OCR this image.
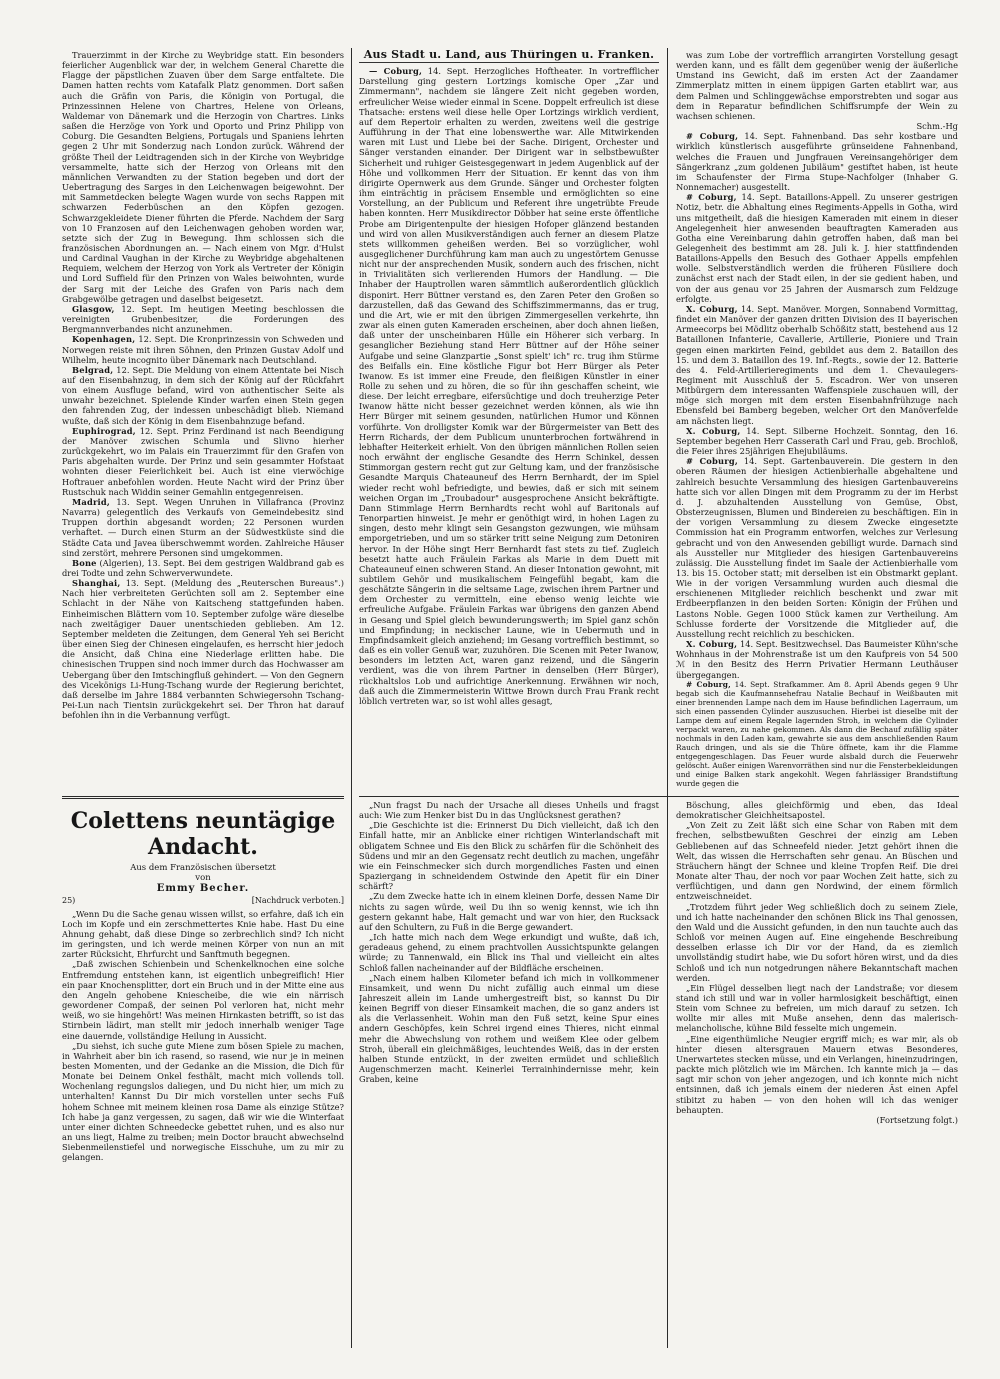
Trauerzimmt in der Kirche zu Weybridge statt. Ein besonders feierlicher Augenblick war der, in welchem General Charette die Flagge der päpstlichen Zuaven über dem Sarge entfaltete. Die Damen hatten rechts vom Katafalk Platz genommen. Dort saßen auch die Gräfin von Paris, die Königin von Portugal, die Prinzessinnen Helene von Chartres, Helene von Orleans, Waldemar von Dänemark und die Herzogin von Chartres. Links saßen die Herzöge von York und Oporto und Prinz Philipp von Coburg. Die Gesandten Belgiens, Portugals und Spaniens lehrten gegen 2 Uhr mit Sonderzug nach London zurück. Während der größte Theil der Leidtragenden sich in der Kirche von Weybridge versammelte, hatte sich der Herzog von Orleans mit den männlichen Verwandten zu der Station begeben und dort der Uebertragung des Sarges in den Leichenwagen beigewohnt. Der mit Sammetdecken belegte Wagen wurde von sechs Rappen mit schwarzen Federbüschen an den Köpfen gezogen. Schwarzgekleidete Diener führten die Pferde. Nachdem der Sarg von 10 Franzosen auf den Leichenwagen gehoben worden war, setzte sich der Zug in Bewegung. Ihm schlossen sich die französischen Abordnungen an. — Nach einem von Mgr. d'Hulst und Cardinal Vaughan in der Kirche zu Weybridge abgehaltenen Requiem, welchem der Herzog von York als Vertreter der Königin und Lord Suffield für den Prinzen von Wales beiwohnten, wurde der Sarg mit der Leiche des Grafen von Paris nach dem Grabgewölbe getragen und daselbst beigesetzt.

Glasgow, 12. Sept. Im heutigen Meeting beschlossen die vereinigten Grubenbesitzer, die Forderungen des Bergmannverbandes nicht anzunehmen.

Kopenhagen, 12. Sept. Die Kronprinzessin von Schweden und Norwegen reiste mit ihren Söhnen, den Prinzen Gustav Adolf und Wilhelm, heute incognito über Dänemark nach Deutschland.

Belgrad, 12. Sept. Die Meldung von einem Attentate bei Nisch auf den Eisenbahnzug, in dem sich der König auf der Rückfahrt von einem Ausfluge befand, wird von authentischer Seite als unwahr bezeichnet. Spielende Kinder warfen einen Stein gegen den fahrenden Zug, der indessen unbeschädigt blieb. Niemand wußte, daß sich der König in dem Eisenbahnzuge befand.

Euphirograd, 12. Sept. Prinz Ferdinand ist nach Beendigung der Manöver zwischen Schumla und Slivno hierher zurückgekehrt, wo im Palais ein Trauerzimmt für den Grafen von Paris abgehalten wurde. Der Prinz und sein gesammter Hofstaat wohnten dieser Feierlichkeit bei. Auch ist eine vierwöchige Hoftrauer anbefohlen worden. Heute Nacht wird der Prinz über Rustschuk nach Widdin seiner Gemahlin entgegenreisen.

Madrid, 13. Sept. Wegen Unruhen in Villafranca (Provinz Navarra) gelegentlich des Verkaufs von Gemeindebesitz sind Truppen dorthin abgesandt worden; 22 Personen wurden verhaftet. — Durch einen Sturm an der Südwestküste sind die Städte Cata und Javea überschwemmt worden. Zahlreiche Häuser sind zerstört, mehrere Personen sind umgekommen.

Bone (Algerien), 13. Sept. Bei dem gestrigen Waldbrand gab es drei Todte und zehn Schwerverwundete.

Shanghai, 13. Sept. (Meldung des „Reuterschen Bureaus".) Nach hier verbreiteten Gerüchten soll am 2. September eine Schlacht in der Nähe von Kaitscheng stattgefunden haben. Einheimischen Blättern vom 10. September zufolge wäre dieselbe nach zweitägiger Dauer unentschieden geblieben. Am 12. September meldeten die Zeitungen, dem General Yeh sei Bericht über einen Sieg der Chinesen eingelaufen, es herrscht hier jedoch die Ansicht, daß China eine Niederlage erlitten habe. Die chinesischen Truppen sind noch immer durch das Hochwasser am Uebergang über den Imtschingfluß gehindert. — Von den Gegnern des Vicekönigs Li-Hung-Tschang wurde der Regierung berichtet, daß derselbe im Jahre 1884 verbannten Schwiegersohn Tschang-Pei-Lun nach Tientsin zurückgekehrt sei. Der Thron hat darauf befohlen ihn in die Verbannung verfügt.

Aus Stadt u. Land, aus Thüringen u. Franken.

— Coburg, 14. Sept. Herzogliches Hoftheater. In vortrefflicher Darstellung ging gestern Lortzings komische Oper „Zar und Zimmermann", nachdem sie längere Zeit nicht gegeben worden, erfreulicher Weise wieder einmal in Scene. Doppelt erfreulich ist diese Thatsache: erstens weil diese helle Oper Lortzings wirklich verdient, auf dem Repertoir erhalten zu werden, zweitens weil die gestrige Aufführung in der That eine lobenswerthe war. Alle Mitwirkenden waren mit Lust und Liebe bei der Sache. Dirigent, Orchester und Sänger verstanden einander. Der Dirigent war in selbstbewußter Sicherheit und ruhiger Geistesgegenwart in jedem Augenblick auf der Höhe und vollkommen Herr der Situation. Er kennt das von ihm dirigirte Opernwerk aus dem Grunde. Sänger und Orchester folgten ihm einträchtig in präcisem Ensemble und ermöglichten so eine Vorstellung, an der Publicum und Referent ihre ungetrübte Freude haben konnten. Herr Musikdirector Döbber hat seine erste öffentliche Probe am Dirigentenpulte der hiesigen Hofoper glänzend bestanden und wird von allen Musikverständigen auch ferner an diesem Platze stets willkommen geheißen werden. Bei so vorzüglicher, wohl ausgeglichener Durchführung kam man auch zu ungestörtem Genusse nicht nur der ansprechenden Musik, sondern auch des frischen, nicht in Trivialitäten sich verlierenden Humors der Handlung. — Die Inhaber der Hauptrollen waren sämmtlich außerordentlich glücklich disponirt. Herr Büttner verstand es, den Zaren Peter den Großen so darzustellen, daß das Gewand des Schiffszimmermanns, das er trug, und die Art, wie er mit den übrigen Zimmergesellen verkehrte, ihn zwar als einen guten Kameraden erscheinen, aber doch ahnen ließen, daß unter der unscheinbaren Hülle ein Höherer sich verbarg. In gesanglicher Beziehung stand Herr Büttner auf der Höhe seiner Aufgabe und seine Glanzpartie „Sonst spielt' ich" rc. trug ihm Stürme des Beifalls ein. Eine köstliche Figur bot Herr Bürger als Peter Iwanow. Es ist immer eine Freude, den fleißigen Künstler in einer Rolle zu sehen und zu hören, die so für ihn geschaffen scheint, wie diese. Der leicht erregbare, eifersüchtige und doch treuherzige Peter Iwanow hätte nicht besser gezeichnet werden können, als wie ihn Herr Bürger mit seinem gesunden, natürlichen Humor und Können vorführte. Von drolligster Komik war der Bürgermeister van Bett des Herrn Richards, der dem Publicum ununterbrochen fortwährend in lebhafter Heiterkeit erhielt. Von den übrigen männlichen Rollen seien noch erwähnt der englische Gesandte des Herrn Schinkel, dessen Stimmorgan gestern recht gut zur Geltung kam, und der französische Gesandte Marquis Chateauneuf des Herrn Bernhardt, der im Spiel wieder recht wohl befriedigte, und bewies, daß er sich mit seinem weichen Organ im „Troubadour" ausgesprochene Ansicht bekräftigte. Dann Stimmlage Herrn Bernhardts recht wohl auf Baritonals auf Tenorpartien hinweist. Je mehr er genöthigt wird, in hohen Lagen zu singen, desto mehr klingt sein Gesangston gezwungen, wie mühsam emporgetrieben, und um so stärker tritt seine Neigung zum Detoniren hervor. In der Höhe singt Herr Bernhardt fast stets zu tief. Zugleich besetzt hatte auch Fräulein Farkas als Marie in dem Duett mit Chateauneuf einen schweren Stand. An dieser Intonation gewohnt, mit subtilem Gehör und musikalischem Feingefühl begabt, kam die geschätzte Sängerin in die seltsame Lage, zwischen ihrem Partner und dem Orchester zu vermitteln, eine ebenso wenig leichte wie erfreuliche Aufgabe. Fräulein Farkas war übrigens den ganzen Abend in Gesang und Spiel gleich bewunderungswerth; im Spiel ganz schön und Empfindung; in neckischer Laune, wie in Uebermuth und in Empfindsamkeit gleich anziehend; im Gesang vortrefflich bestimmt, so daß es ein voller Genuß war, zuzuhören. Die Scenen mit Peter Iwanow, besonders im letzten Act, waren ganz reizend, und die Sängerin verdient, was die von ihrem Partner in denselben (Herr Bürger), rückhaltslos Lob und aufrichtige Anerkennung. Erwähnen wir noch, daß auch die Zimmermeisterin Wittwe Brown durch Frau Frank recht löblich vertreten war, so ist wohl alles gesagt,

was zum Lobe der vortrefflich arrangirten Vorstellung gesagt werden kann, und es fällt dem gegenüber wenig der äußerliche Umstand ins Gewicht, daß im ersten Act der Zaandamer Zimmerplatz mitten in einem üppigen Garten etablirt war, aus dem Palmen und Schlinggewächse emporstrebten und sogar aus dem in Reparatur befindlichen Schiffsrumpfe der Wein zu wachsen schienen.

Schm.-Hg

# Coburg, 14. Sept. Fahnenband. Das sehr kostbare und wirklich künstlerisch ausgeführte grünseidene Fahnenband, welches die Frauen und Jungfrauen Vereinsangehöriger dem Sängerkranz „zum goldenen Jubiläum" gestiftet haben, ist heute im Schaufenster der Firma Stupe-Nachfolger (Inhaber G. Nonnemacher) ausgestellt.

# Coburg, 14. Sept. Bataillons-Appell. Zu unserer gestrigen Notiz, betr. die Abhaltung eines Regiments-Appells in Gotha, wird uns mitgetheilt, daß die hiesigen Kameraden mit einem in dieser Angelegenheit hier anwesenden beauftragten Kameraden aus Gotha eine Vereinbarung dahin getroffen haben, daß man bei Gelegenheit des bestimmt am 28. Juli k. J. hier stattfindenden Bataillons-Appells den Besuch des Gothaer Appells empfehlen wolle. Selbstverständlich werden die früheren Füsiliere doch zunächst erst nach der Stadt eilen, in der sie gedient haben, und von der aus genau vor 25 Jahren der Ausmarsch zum Feldzuge erfolgte.

X. Coburg, 14. Sept. Manöver. Morgen, Sonnabend Vormittag, findet ein Manöver der ganzen dritten Division des II bayerischen Armeecorps bei Mödlitz oberhalb Schößitz statt, bestehend aus 12 Bataillonen Infanterie, Cavallerie, Artillerie, Pioniere und Train gegen einen markirten Feind, gebildet aus dem 2. Bataillon des 15. und dem 3. Bataillon des 19. Inf.-Regts., sowie der 12. Batterie des 4. Feld-Artillerieregiments und dem 1. Chevaulegers-Regiment mit Ausschluß der 5. Escadron. Wer von unseren Mitbürgern dem interessanten Waffenspiele zuschauen will, der möge sich morgen mit dem ersten Eisenbahnfrühzuge nach Ebensfeld bei Bamberg begeben, welcher Ort den Manöverfelde am nächsten liegt.

X. Coburg, 14. Sept. Silberne Hochzeit. Sonntag, den 16. September begehen Herr Casserath Carl und Frau, geb. Brochloß, die Feier ihres 25jährigen Ehejubiläums.

# Coburg, 14. Sept. Gartenbauverein. Die gestern in den oberen Räumen der hiesigen Actienbierhalle abgehaltene und zahlreich besuchte Versammlung des hiesigen Gartenbauvereins hatte sich vor allen Dingen mit dem Programm zu der im Herbst d. J. abzuhaltenden Ausstellung von Gemüse, Obst, Obsterzeugnissen, Blumen und Bindereien zu beschäftigen. Ein in der vorigen Versammlung zu diesem Zwecke eingesetzte Commission hat ein Programm entworfen, welches zur Verlesung gebracht und von den Anwesenden gebilligt wurde. Darnach sind als Aussteller nur Mitglieder des hiesigen Gartenbauvereins zulässig. Die Ausstellung findet im Saale der Actienbierhalle vom 13. bis 15. October statt; mit derselben ist ein Obstmarkt geplant. Wie in der vorigen Versammlung wurden auch diesmal die erschienenen Mitglieder reichlich beschenkt und zwar mit Erdbeerpflanzen in den beiden Sorten: Königin der Frühen und Lastons Noble. Gegen 1000 Stück kamen zur Vertheilung. Am Schlusse forderte der Vorsitzende die Mitglieder auf, die Ausstellung recht reichlich zu beschicken.

X. Coburg, 14. Sept. Besitzwechsel. Das Baumeister Kühn'sche Wohnhaus in der Mohrenstraße ist um den Kaufpreis von 54 500 ℳ in den Besitz des Herrn Privatier Hermann Leuthäuser übergegangen.

# Coburg, 14. Sept. Strafkammer. Am 8. April Abends gegen 9 Uhr begab sich die Kaufmannsehefrau Natalie Bechauf in Weißbauten mit einer brennenden Lampe nach dem im Hause befindlichen Lagerraum, um sich einen passenden Cylinder auszusuchen. Hierbei ist dieselbe mit der Lampe dem auf einem Regale lagernden Stroh, in welchem die Cylinder verpackt waren, zu nahe gekommen. Als dann die Bechauf zufällig später nochmals in den Laden kam, gewahrte sie aus dem anschließenden Raum Rauch dringen, und als sie die Thüre öffnete, kam ihr die Flamme entgegengeschlagen. Das Feuer wurde alsbald durch die Feuerwehr gelöscht. Außer einigen Warenvorräthen sind nur die Fensterbekleidungen und einige Balken stark angekohlt. Wegen fahrlässiger Brandstiftung wurde gegen die

Colettens neuntägige Andacht.
Aus dem Französischen übersetzt
von
Emmy Becher.
25)	[Nachdruck verboten.]

„Wenn Du die Sache genau wissen willst, so erfahre, daß ich ein Loch im Kopfe und ein zerschmettertes Knie habe. Hast Du eine Ahnung gehabt, daß diese Dinge so zerbrechlich sind? Ich nicht im geringsten, und ich werde meinen Körper von nun an mit zarter Rücksicht, Ehrfurcht und Sanftmuth begegnen.

„Daß zwischen Schienbein und Schenkelknochen eine solche Entfremdung entstehen kann, ist eigentlich unbegreiflich! Hier ein paar Knochensplitter, dort ein Bruch und in der Mitte eine aus den Angeln gehobene Kniescheibe, die wie ein närrisch gewordener Compaß, der seinen Pol verloren hat, nicht mehr weiß, wo sie hingehört! Was meinen Hirnkasten betrifft, so ist das Stirnbein lädirt, man stellt mir jedoch innerhalb weniger Tage eine dauernde, vollständige Heilung in Aussicht.

„Du siehst, ich suche gute Miene zum bösen Spiele zu machen, in Wahrheit aber bin ich rasend, so rasend, wie nur je in meinen besten Momenten, und der Gedanke an die Mission, die Dich für Monate bei Deinem Onkel festhält, macht mich vollends toll. Wochenlang regungslos daliegen, und Du nicht hier, um mich zu unterhalten! Kannst Du Dir mich vorstellen unter sechs Fuß hohem Schnee mit meinem kleinen rosa Dame als einzige Stütze? Ich habe ja ganz vergessen, zu sagen, daß wir wie die Winterfaat unter einer dichten Schneedecke gebettet ruhen, und es also nur an uns liegt, Halme zu treiben; mein Doctor braucht abwechselnd Siebenmeilenstiefel und norwegische Eisschuhe, um zu mir zu gelangen.

„Nun fragst Du nach der Ursache all dieses Unheils und fragst auch: Wie zum Henker bist Du in das Unglücksnest gerathen?

„Die Geschichte ist die: Erinnerst Du Dich vielleicht, daß ich den Einfall hatte, mir an Anblicke einer richtigen Winterlandschaft mit obligatem Schnee und Eis den Blick zu schärfen für die Schönheit des Südens und mir an den Gegensatz recht deutlich zu machen, ungefähr wie ein Feinschmecker sich durch morgendliches Fasten und einen Spaziergang in schneidendem Ostwinde den Apetit für ein Diner schärft?

„Zu dem Zwecke hatte ich in einem kleinen Dorfe, dessen Name Dir nichts zu sagen würde, weil Du ihn so wenig kennst, wie ich ihn gestern gekannt habe, Halt gemacht und war von hier, den Rucksack auf den Schultern, zu Fuß in die Berge gewandert.

„Ich hatte mich nach dem Wege erkundigt und wußte, daß ich, geradeaus gehend, zu einem prachtvollen Aussichtspunkte gelangen würde; zu Tannenwald, ein Blick ins Thal und vielleicht ein altes Schloß fallen nacheinander auf der Bildfläche erscheinen.

„Nach einem halben Kilometer befand ich mich in vollkommener Einsamkeit, und wenn Du nicht zufällig auch einmal um diese Jahreszeit allein im Lande umhergestreift bist, so kannst Du Dir keinen Begriff von dieser Einsamkeit machen, die so ganz anders ist als die Verlassenheit. Wohin man den Fuß setzt, keine Spur eines andern Geschöpfes, kein Schrei irgend eines Thieres, nicht einmal mehr die Abwechslung von rothem und weißem Klee oder gelbem Stroh, überall ein gleichmäßiges, leuchtendes Weiß, das in der ersten halben Stunde entzückt, in der zweiten ermüdet und schließlich Augenschmerzen macht. Keinerlei Terrainhindernisse mehr, kein Graben, keine

Böschung, alles gleichförmig und eben, das Ideal demokratischer Gleichheitsapostel.

„Von Zeit zu Zeit läßt sich eine Schar von Raben mit dem frechen, selbstbewußten Geschrei der einzig am Leben Gebliebenen auf das Schneefeld nieder. Jetzt gehört ihnen die Welt, das wissen die Herrschaften sehr genau. An Büschen und Sträuchern hängt der Schnee und kleine Tropfen Reif. Die drei Monate alter Thau, der noch vor paar Wochen Zeit hatte, sich zu verflüchtigen, und dann gen Nordwind, der einem förmlich entzweischneidet.

„Trotzdem führt jeder Weg schließlich doch zu seinem Ziele, und ich hatte nacheinander den schönen Blick ins Thal genossen, den Wald und die Aussicht gefunden, in den nun tauchte auch das Schloß vor meinen Augen auf. Eine eingehende Beschreibung desselben erlasse ich Dir vor der Hand, da es ziemlich unvollständig studirt habe, wie Du sofort hören wirst, und da dies Schloß und ich nun notgedrungen nähere Bekanntschaft machen werden.

„Ein Flügel desselben liegt nach der Landstraße; vor diesem stand ich still und war in voller harmlosigkeit beschäftigt, einen Stein vom Schnee zu befreien, um mich darauf zu setzen. Ich wollte mir alles mit Muße ansehen, denn das malerisch-melancholische, kühne Bild fesselte mich ungemein.

„Eine eigenthümliche Neugier ergriff mich; es war mir, als ob hinter diesen altersgrauen Mauern etwas Besonderes, Unerwartetes stecken müsse, und ein Verlangen, hineinzudringen, packte mich plötzlich wie im Märchen. Ich kannte mich ja — das sagt mir schon von jeher angezogen, und ich konnte mich nicht entsinnen, daß ich jemals einem der niederen Äst einen Apfel stibitzt zu haben — von den hohen will ich das weniger behaupten.

(Fortsetzung folgt.)
